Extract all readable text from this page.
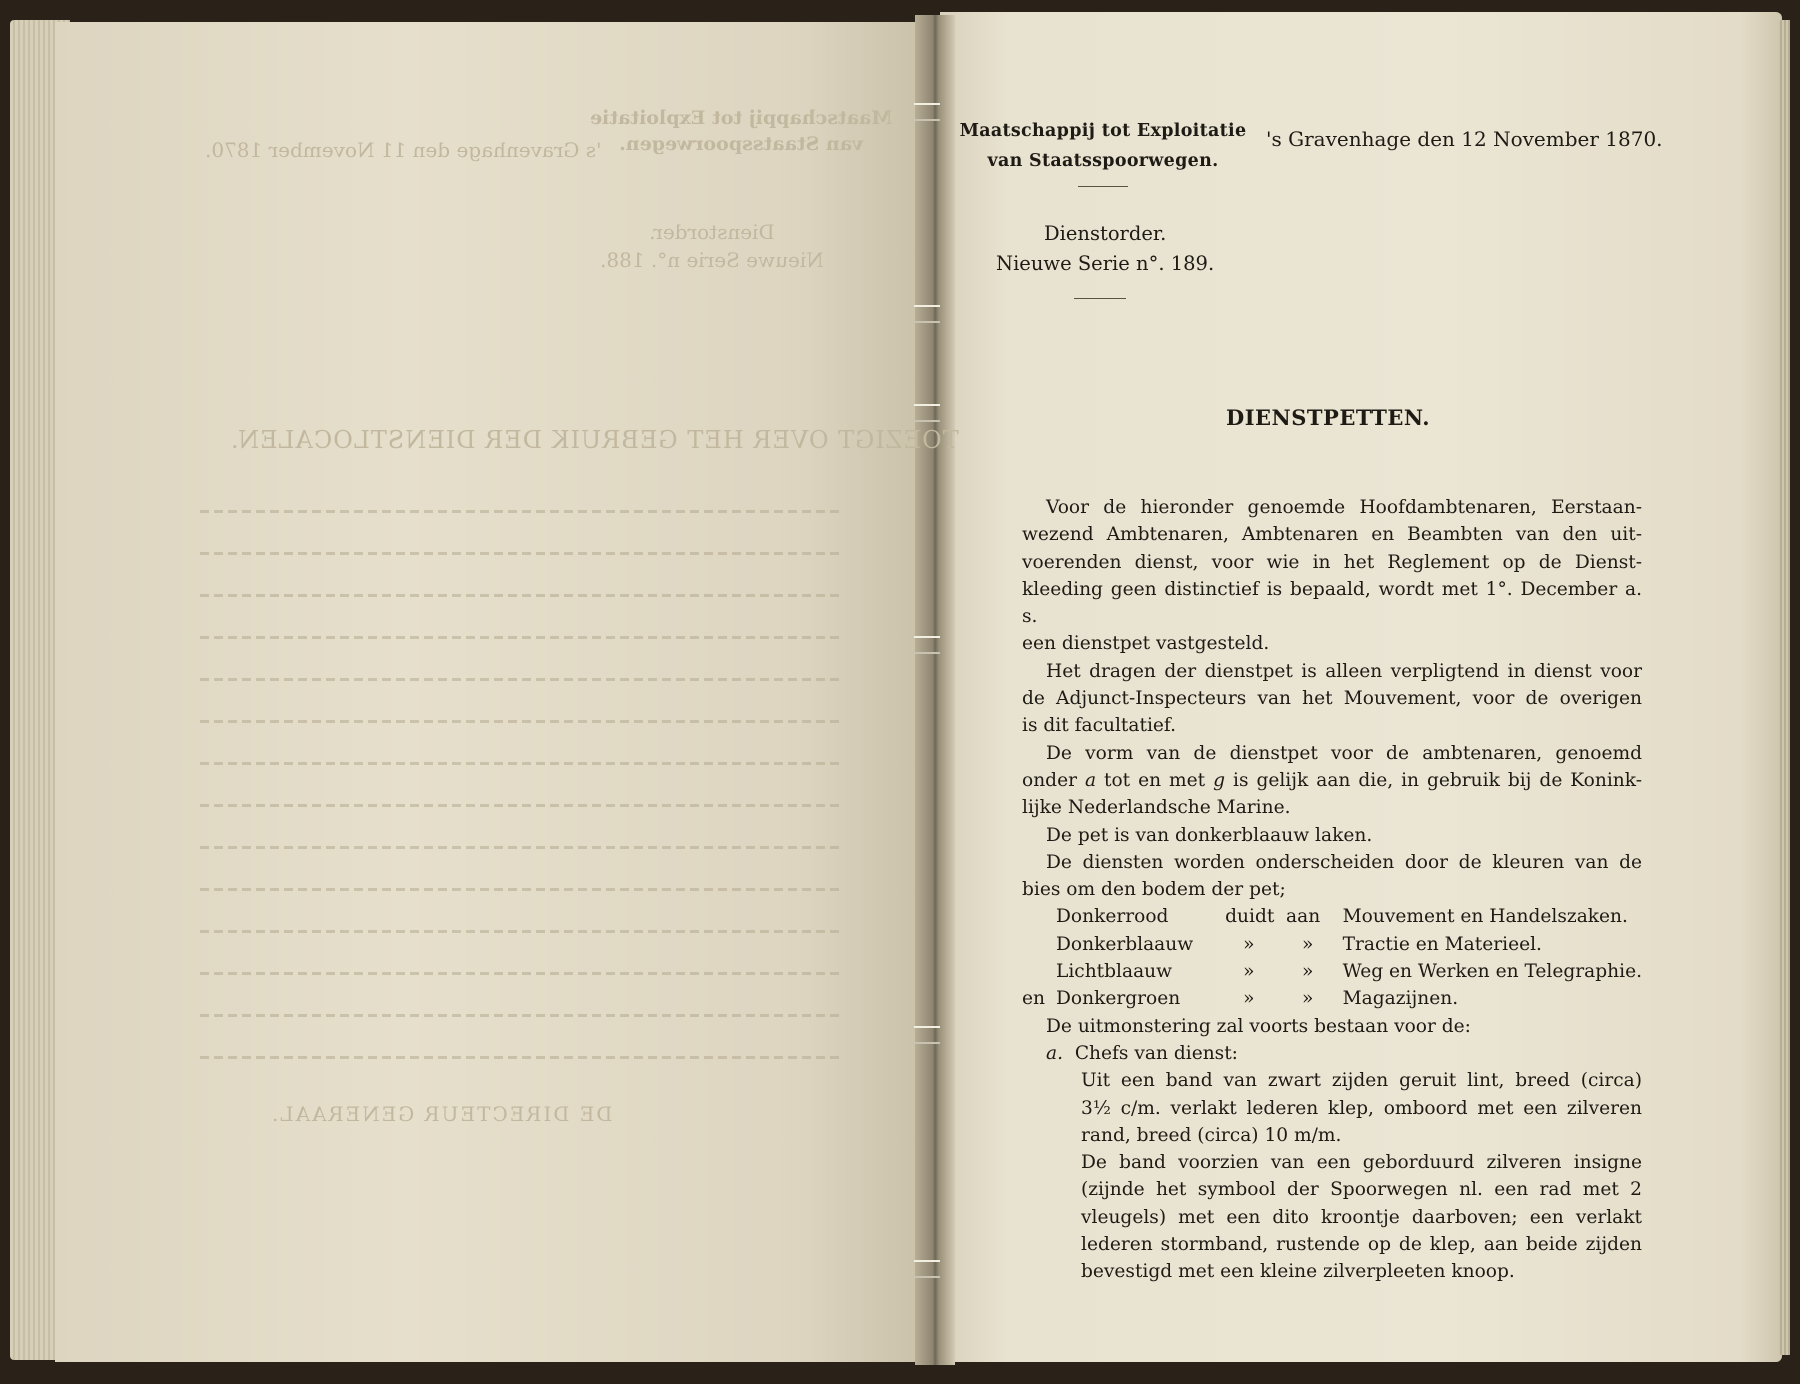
Maatschappij tot Exploitatie
van Staatsspoorwegen.
's Gravenhage den 11 November 1870.
Dienstorder.
Nieuwe Serie n°. 188.
TOEZIGT OVER HET GEBRUIK DER DIENSTLOCALEN.
DE DIRECTEUR GENERAAL.
Maatschappij tot Exploitatie
van Staatsspoorwegen.
's Gravenhage den 12 November 1870.
Dienstorder.
Nieuwe Serie n°. 189.
DIENSTPETTEN.

Voor de hieronder genoemde Hoofdambtenaren, Eerstaan-

wezend Ambtenaren, Ambtenaren en Beambten van den uit-

voerenden dienst, voor wie in het Reglement op de Dienst-

kleeding geen distinctief is bepaald, wordt met 1°. December a. s.

een dienstpet vastgesteld.

Het dragen der dienstpet is alleen verpligtend in dienst voor

de Adjunct-Inspecteurs van het Mouvement, voor de overigen

is dit facultatief.

De vorm van de dienstpet voor de ambtenaren, genoemd

onder a tot en met g is gelijk aan die, in gebruik bij de Konink-

lijke Nederlandsche Marine.

De pet is van donkerblaauw laken.

De diensten worden onderscheiden door de kleuren van de

bies om den bodem der pet;

Donkerrood	duidt	aan	Mouvement en Handelszaken.

Donkerblaauw	»	»	Tractie en Materieel.

Lichtblaauw	»	»	Weg en Werken en Telegraphie.

en Donkergroen	»	»	Magazijnen.

De uitmonstering zal voorts bestaan voor de:

a. Chefs van dienst:

Uit een band van zwart zijden geruit lint, breed (circa)

3½ c/m. verlakt lederen klep, omboord met een zilveren

rand, breed (circa) 10 m/m.

De band voorzien van een geborduurd zilveren insigne

(zijnde het symbool der Spoorwegen nl. een rad met 2

vleugels) met een dito kroontje daarboven; een verlakt

lederen stormband, rustende op de klep, aan beide zijden

bevestigd met een kleine zilverpleeten knoop.
